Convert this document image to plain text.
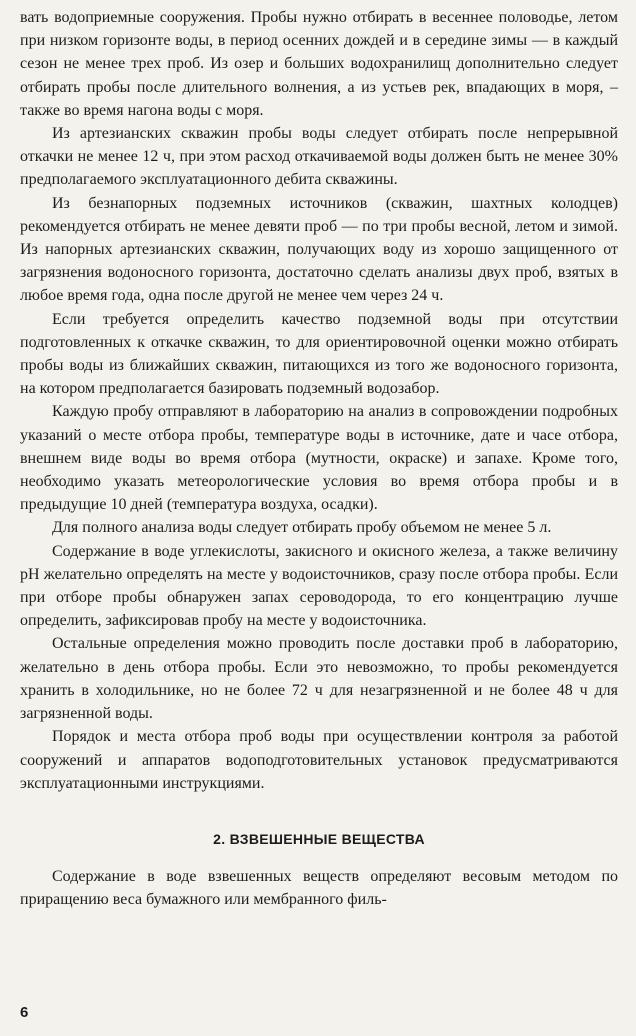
вать водоприемные сооружения. Пробы нужно отбирать в весеннее половодье, летом при низком горизонте воды, в период осенних дождей и в середине зимы — в каждый сезон не менее трех проб. Из озер и больших водохранилищ дополнительно следует отбирать пробы после длительного волнения, а из устьев рек, впадающих в моря, – также во время нагона воды с моря.

Из артезианских скважин пробы воды следует отбирать после непрерывной откачки не менее 12 ч, при этом расход откачиваемой воды должен быть не менее 30% предполагаемого эксплуатационного дебита скважины.

Из безнапорных подземных источников (скважин, шахтных колодцев) рекомендуется отбирать не менее девяти проб — по три пробы весной, летом и зимой. Из напорных артезианских скважин, получающих воду из хорошо защищенного от загрязнения водоносного горизонта, достаточно сделать анализы двух проб, взятых в любое время года, одна после другой не менее чем через 24 ч.

Если требуется определить качество подземной воды при отсутствии подготовленных к откачке скважин, то для ориентировочной оценки можно отбирать пробы воды из ближайших скважин, питающихся из того же водоносного горизонта, на котором предполагается базировать подземный водозабор.

Каждую пробу отправляют в лабораторию на анализ в сопровождении подробных указаний о месте отбора пробы, температуре воды в источнике, дате и часе отбора, внешнем виде воды во время отбора (мутности, окраске) и запахе. Кроме того, необходимо указать метеорологические условия во время отбора пробы и в предыдущие 10 дней (температура воздуха, осадки).

Для полного анализа воды следует отбирать пробу объемом не менее 5 л.

Содержание в воде углекислоты, закисного и окисного железа, а также величину pH желательно определять на месте у водоисточников, сразу после отбора пробы. Если при отборе пробы обнаружен запах сероводорода, то его концентрацию лучше определить, зафиксировав пробу на месте у водоисточника.

Остальные определения можно проводить после доставки проб в лабораторию, желательно в день отбора пробы. Если это невозможно, то пробы рекомендуется хранить в холодильнике, но не более 72 ч для незагрязненной и не более 48 ч для загрязненной воды.

Порядок и места отбора проб воды при осуществлении контроля за работой сооружений и аппаратов водоподготовительных установок предусматриваются эксплуатационными инструкциями.

2. ВЗВЕШЕННЫЕ ВЕЩЕСТВА

Содержание в воде взвешенных веществ определяют весовым методом по приращению веса бумажного или мембранного филь-

6
